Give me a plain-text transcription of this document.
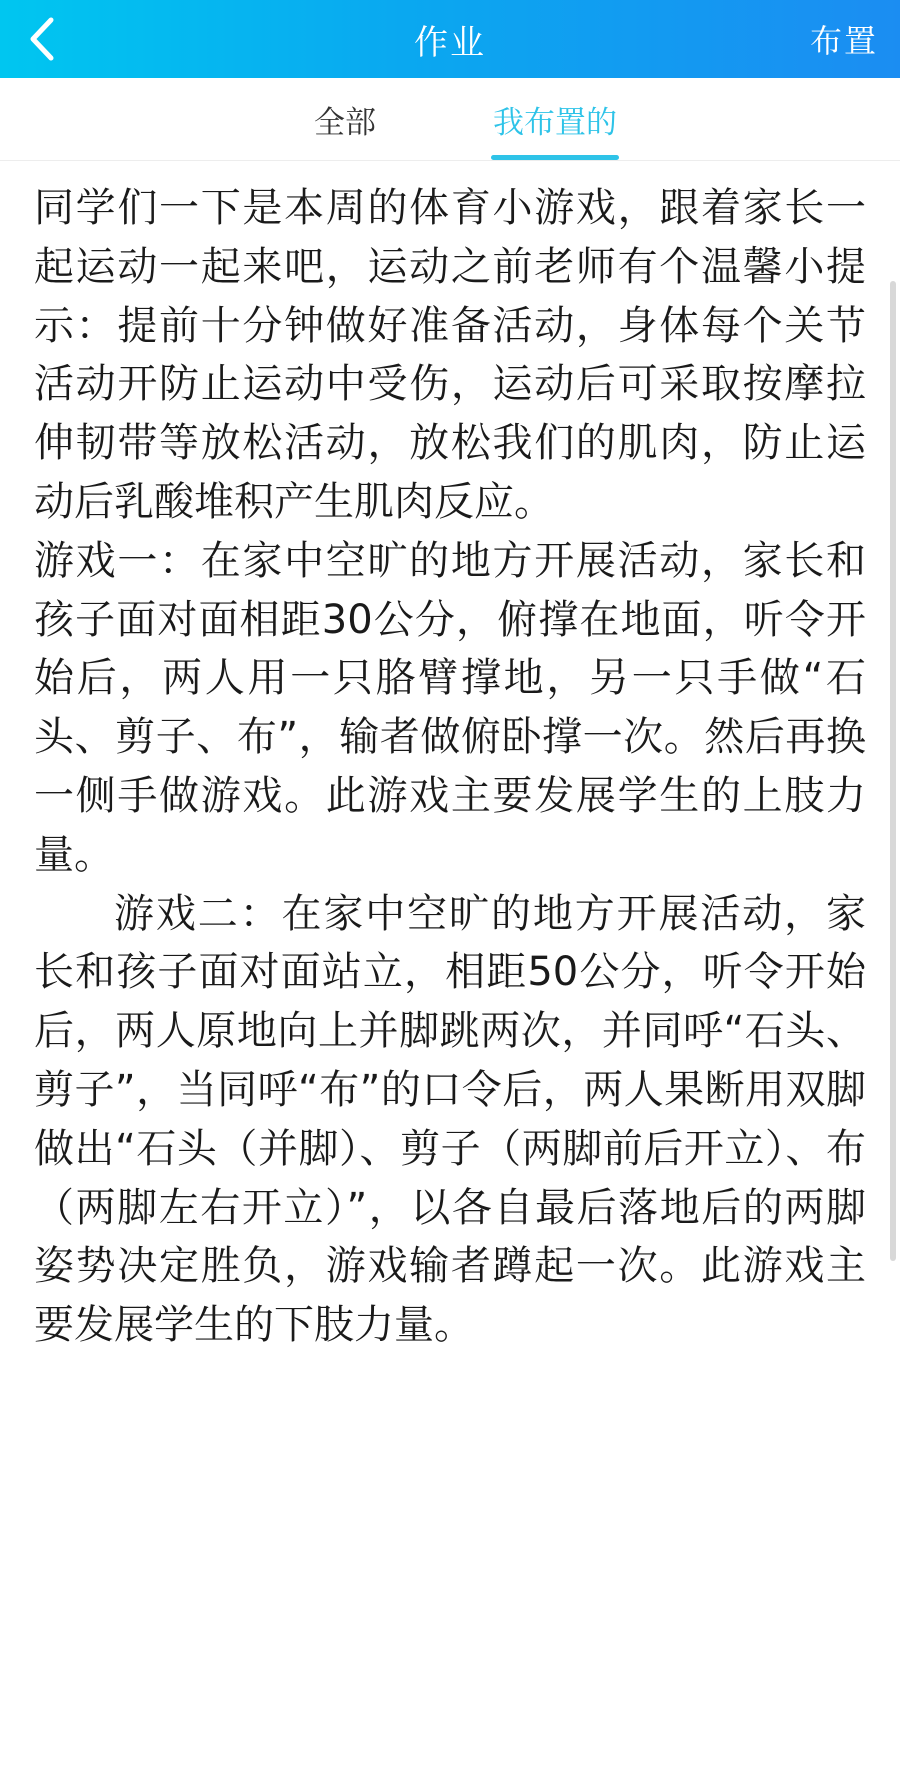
作业	布置
全部	我布置的

同学们一下是本周的体育小游戏，跟着家长一起运动一起来吧，运动之前老师有个温馨小提示：提前十分钟做好准备活动，身体每个关节活动开防止运动中受伤，运动后可采取按摩拉伸韧带等放松活动，放松我们的肌肉，防止运动后乳酸堆积产生肌肉反应。

游戏一：在家中空旷的地方开展活动，家长和孩子面对面相距30公分，俯撑在地面，听令开始后，两人用一只胳臂撑地，另一只手做“石头、剪子、布”，输者做俯卧撑一次。然后再换一侧手做游戏。此游戏主要发展学生的上肢力量。

游戏二：在家中空旷的地方开展活动，家长和孩子面对面站立，相距50公分，听令开始后，两人原地向上并脚跳两次，并同呼“石头、剪子”，当同呼“布”的口令后，两人果断用双脚做出“石头（并脚）、剪子（两脚前后开立）、布（两脚左右开立）”，以各自最后落地后的两脚姿势决定胜负，游戏输者蹲起一次。此游戏主要发展学生的下肢力量。
